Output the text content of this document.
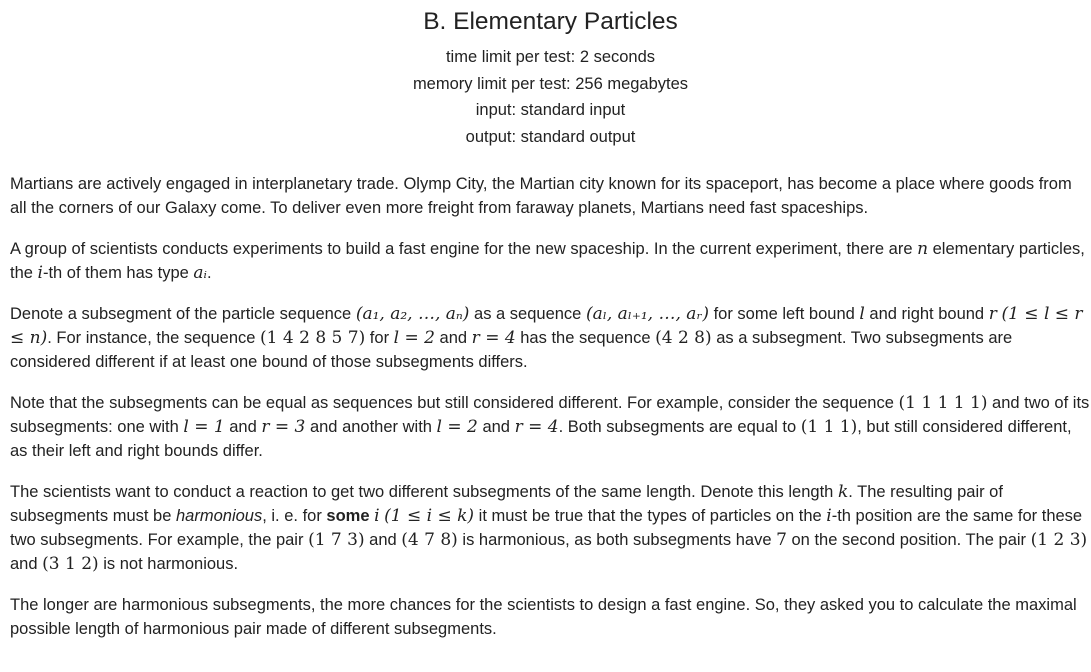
B. Elementary Particles
time limit per test: 2 seconds
memory limit per test: 256 megabytes
input: standard input
output: standard output

Martians are actively engaged in interplanetary trade. Olymp City, the Martian city known for its spaceport, has become a place where goods from all the corners of our Galaxy come. To deliver even more freight from faraway planets, Martians need fast spaceships.

A group of scientists conducts experiments to build a fast engine for the new spaceship. In the current experiment, there are n elementary particles, the i-th of them has type aᵢ.

Denote a subsegment of the particle sequence (a₁, a₂, …, aₙ) as a sequence (aₗ, aₗ₊₁, …, aᵣ) for some left bound l and right bound r (1 ≤ l ≤ r ≤ n). For instance, the sequence (1 4 2 8 5 7) for l = 2 and r = 4 has the sequence (4 2 8) as a subsegment. Two subsegments are considered different if at least one bound of those subsegments differs.

Note that the subsegments can be equal as sequences but still considered different. For example, consider the sequence (1 1 1 1 1) and two of its subsegments: one with l = 1 and r = 3 and another with l = 2 and r = 4. Both subsegments are equal to (1 1 1), but still considered different, as their left and right bounds differ.

The scientists want to conduct a reaction to get two different subsegments of the same length. Denote this length k. The resulting pair of subsegments must be harmonious, i. e. for some i (1 ≤ i ≤ k) it must be true that the types of particles on the i-th position are the same for these two subsegments. For example, the pair (1 7 3) and (4 7 8) is harmonious, as both subsegments have 7 on the second position. The pair (1 2 3) and (3 1 2) is not harmonious.

The longer are harmonious subsegments, the more chances for the scientists to design a fast engine. So, they asked you to calculate the maximal possible length of harmonious pair made of different subsegments.
